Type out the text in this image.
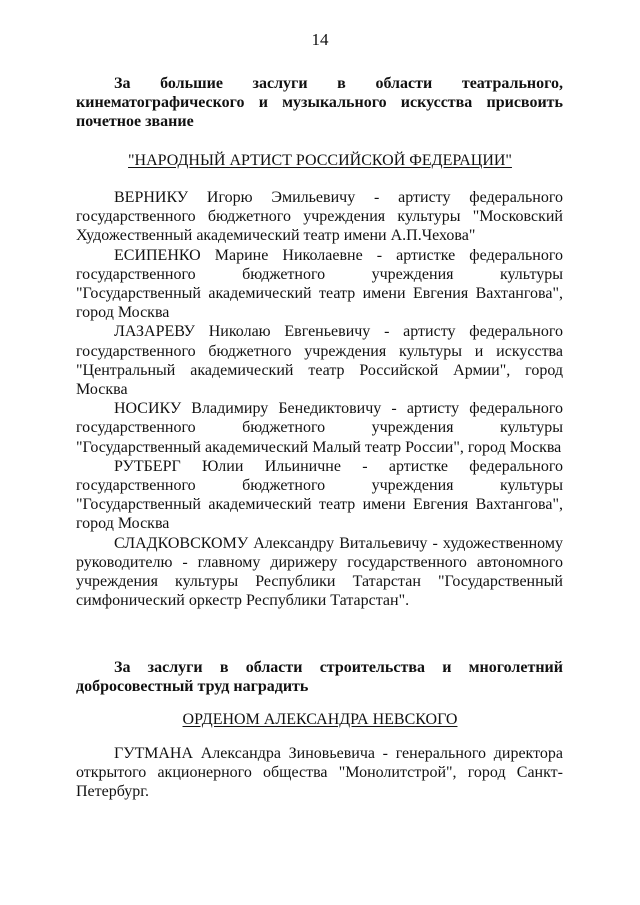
14
За большие заслуги в области театрального, кинематографического и музыкального искусства присвоить почетное звание
"НАРОДНЫЙ АРТИСТ РОССИЙСКОЙ ФЕДЕРАЦИИ"

ВЕРНИКУ Игорю Эмильевичу - артисту федерального государственного бюджетного учреждения культуры "Московский Художественный академический театр имени А.П.Чехова"

ЕСИПЕНКО Марине Николаевне - артистке федерального государственного бюджетного учреждения культуры "Государственный академический театр имени Евгения Вахтангова", город Москва

ЛАЗАРЕВУ Николаю Евгеньевичу - артисту федерального государственного бюджетного учреждения культуры и искусства "Центральный академический театр Российской Армии", город Москва

НОСИКУ Владимиру Бенедиктовичу - артисту федерального государственного бюджетного учреждения культуры "Государственный академический Малый театр России", город Москва

РУТБЕРГ Юлии Ильиничне - артистке федерального государственного бюджетного учреждения культуры "Государственный академический театр имени Евгения Вахтангова", город Москва

СЛАДКОВСКОМУ Александру Витальевичу - художественному руководителю - главному дирижеру государственного автономного учреждения культуры Республики Татарстан "Государственный симфонический оркестр Республики Татарстан".

За заслуги в области строительства и многолетний добросовестный труд наградить
ОРДЕНОМ АЛЕКСАНДРА НЕВСКОГО

ГУТМАНА Александра Зиновьевича - генерального директора открытого акционерного общества "Монолитстрой", город Санкт-Петербург.
